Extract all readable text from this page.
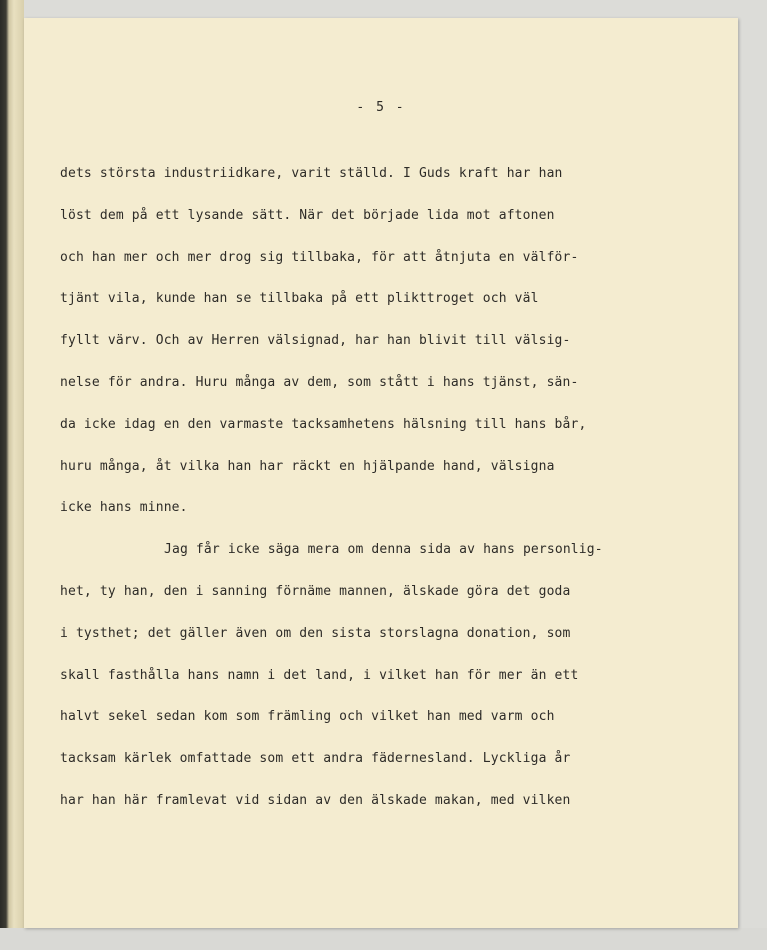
- 5 -
dets största industriidkare, varit ställd. I Guds kraft har han
löst dem på ett lysande sätt. När det började lida mot aftonen
och han mer och mer drog sig tillbaka, för att åtnjuta en välför-
tjänt vila, kunde han se tillbaka på ett plikttroget och väl
fyllt värv. Och av Herren välsignad, har han blivit till välsig-
nelse för andra. Huru många av dem, som stått i hans tjänst, sän-
da icke idag en den varmaste tacksamhetens hälsning till hans bår,
huru många, åt vilka han har räckt en hjälpande hand, välsigna
icke hans minne.
Jag får icke säga mera om denna sida av hans personlig-
het, ty han, den i sanning förnäme mannen, älskade göra det goda
i tysthet; det gäller även om den sista storslagna donation, som
skall fasthålla hans namn i det land, i vilket han för mer än ett
halvt sekel sedan kom som främling och vilket han med varm och
tacksam kärlek omfattade som ett andra fädernesland. Lyckliga år
har han här framlevat vid sidan av den älskade makan, med vilken
